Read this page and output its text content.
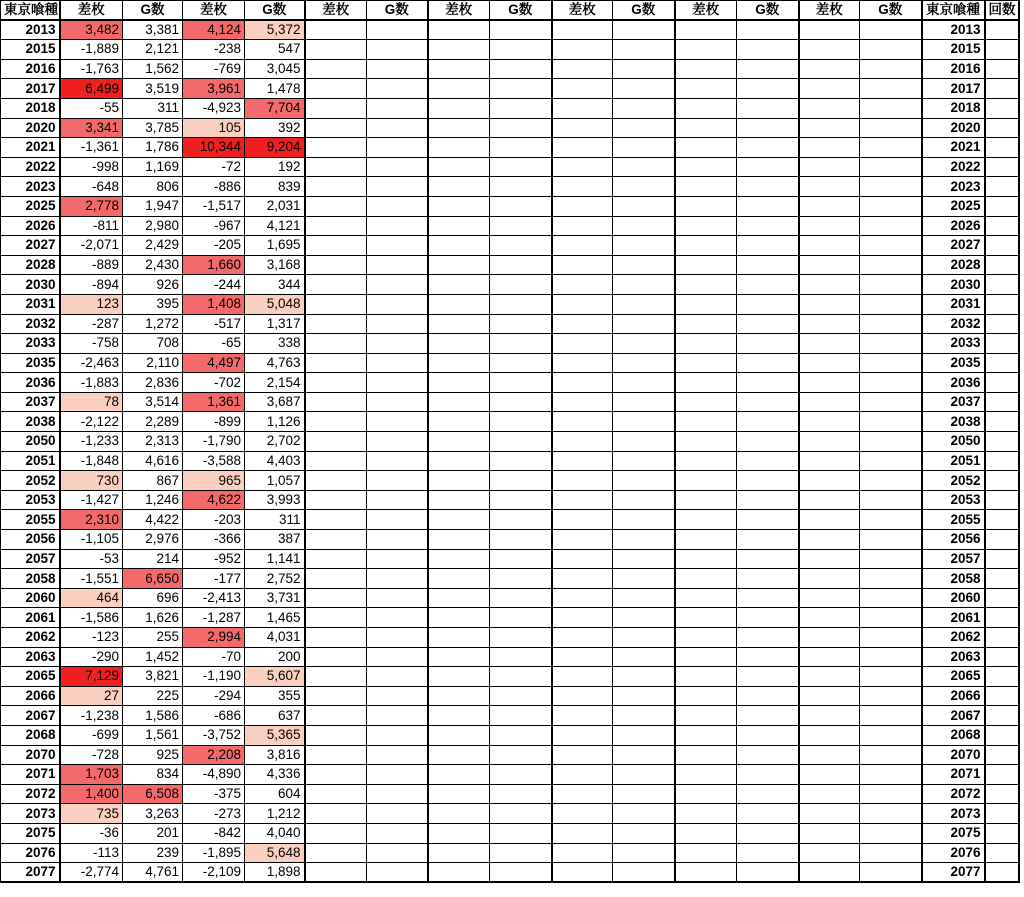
東京喰種	差枚	G数	差枚	G数	差枚	G数	差枚	G数	差枚	G数	差枚	G数	差枚	G数	東京喰種	回数
2013	3,482	3,381	4,124	5,372											2013	
2015	-1,889	2,121	-238	547											2015	
2016	-1,763	1,562	-769	3,045											2016	
2017	6,499	3,519	3,961	1,478											2017	
2018	-55	311	-4,923	7,704											2018	
2020	3,341	3,785	105	392											2020	
2021	-1,361	1,786	10,344	9,204											2021	
2022	-998	1,169	-72	192											2022	
2023	-648	806	-886	839											2023	
2025	2,778	1,947	-1,517	2,031											2025	
2026	-811	2,980	-967	4,121											2026	
2027	-2,071	2,429	-205	1,695											2027	
2028	-889	2,430	1,660	3,168											2028	
2030	-894	926	-244	344											2030	
2031	123	395	1,408	5,048											2031	
2032	-287	1,272	-517	1,317											2032	
2033	-758	708	-65	338											2033	
2035	-2,463	2,110	4,497	4,763											2035	
2036	-1,883	2,836	-702	2,154											2036	
2037	78	3,514	1,361	3,687											2037	
2038	-2,122	2,289	-899	1,126											2038	
2050	-1,233	2,313	-1,790	2,702											2050	
2051	-1,848	4,616	-3,588	4,403											2051	
2052	730	867	965	1,057											2052	
2053	-1,427	1,246	4,622	3,993											2053	
2055	2,310	4,422	-203	311											2055	
2056	-1,105	2,976	-366	387											2056	
2057	-53	214	-952	1,141											2057	
2058	-1,551	6,650	-177	2,752											2058	
2060	464	696	-2,413	3,731											2060	
2061	-1,586	1,626	-1,287	1,465											2061	
2062	-123	255	2,994	4,031											2062	
2063	-290	1,452	-70	200											2063	
2065	7,129	3,821	-1,190	5,607											2065	
2066	27	225	-294	355											2066	
2067	-1,238	1,586	-686	637											2067	
2068	-699	1,561	-3,752	5,365											2068	
2070	-728	925	2,208	3,816											2070	
2071	1,703	834	-4,890	4,336											2071	
2072	1,400	6,508	-375	604											2072	
2073	735	3,263	-273	1,212											2073	
2075	-36	201	-842	4,040											2075	
2076	-113	239	-1,895	5,648											2076	
2077	-2,774	4,761	-2,109	1,898											2077	
